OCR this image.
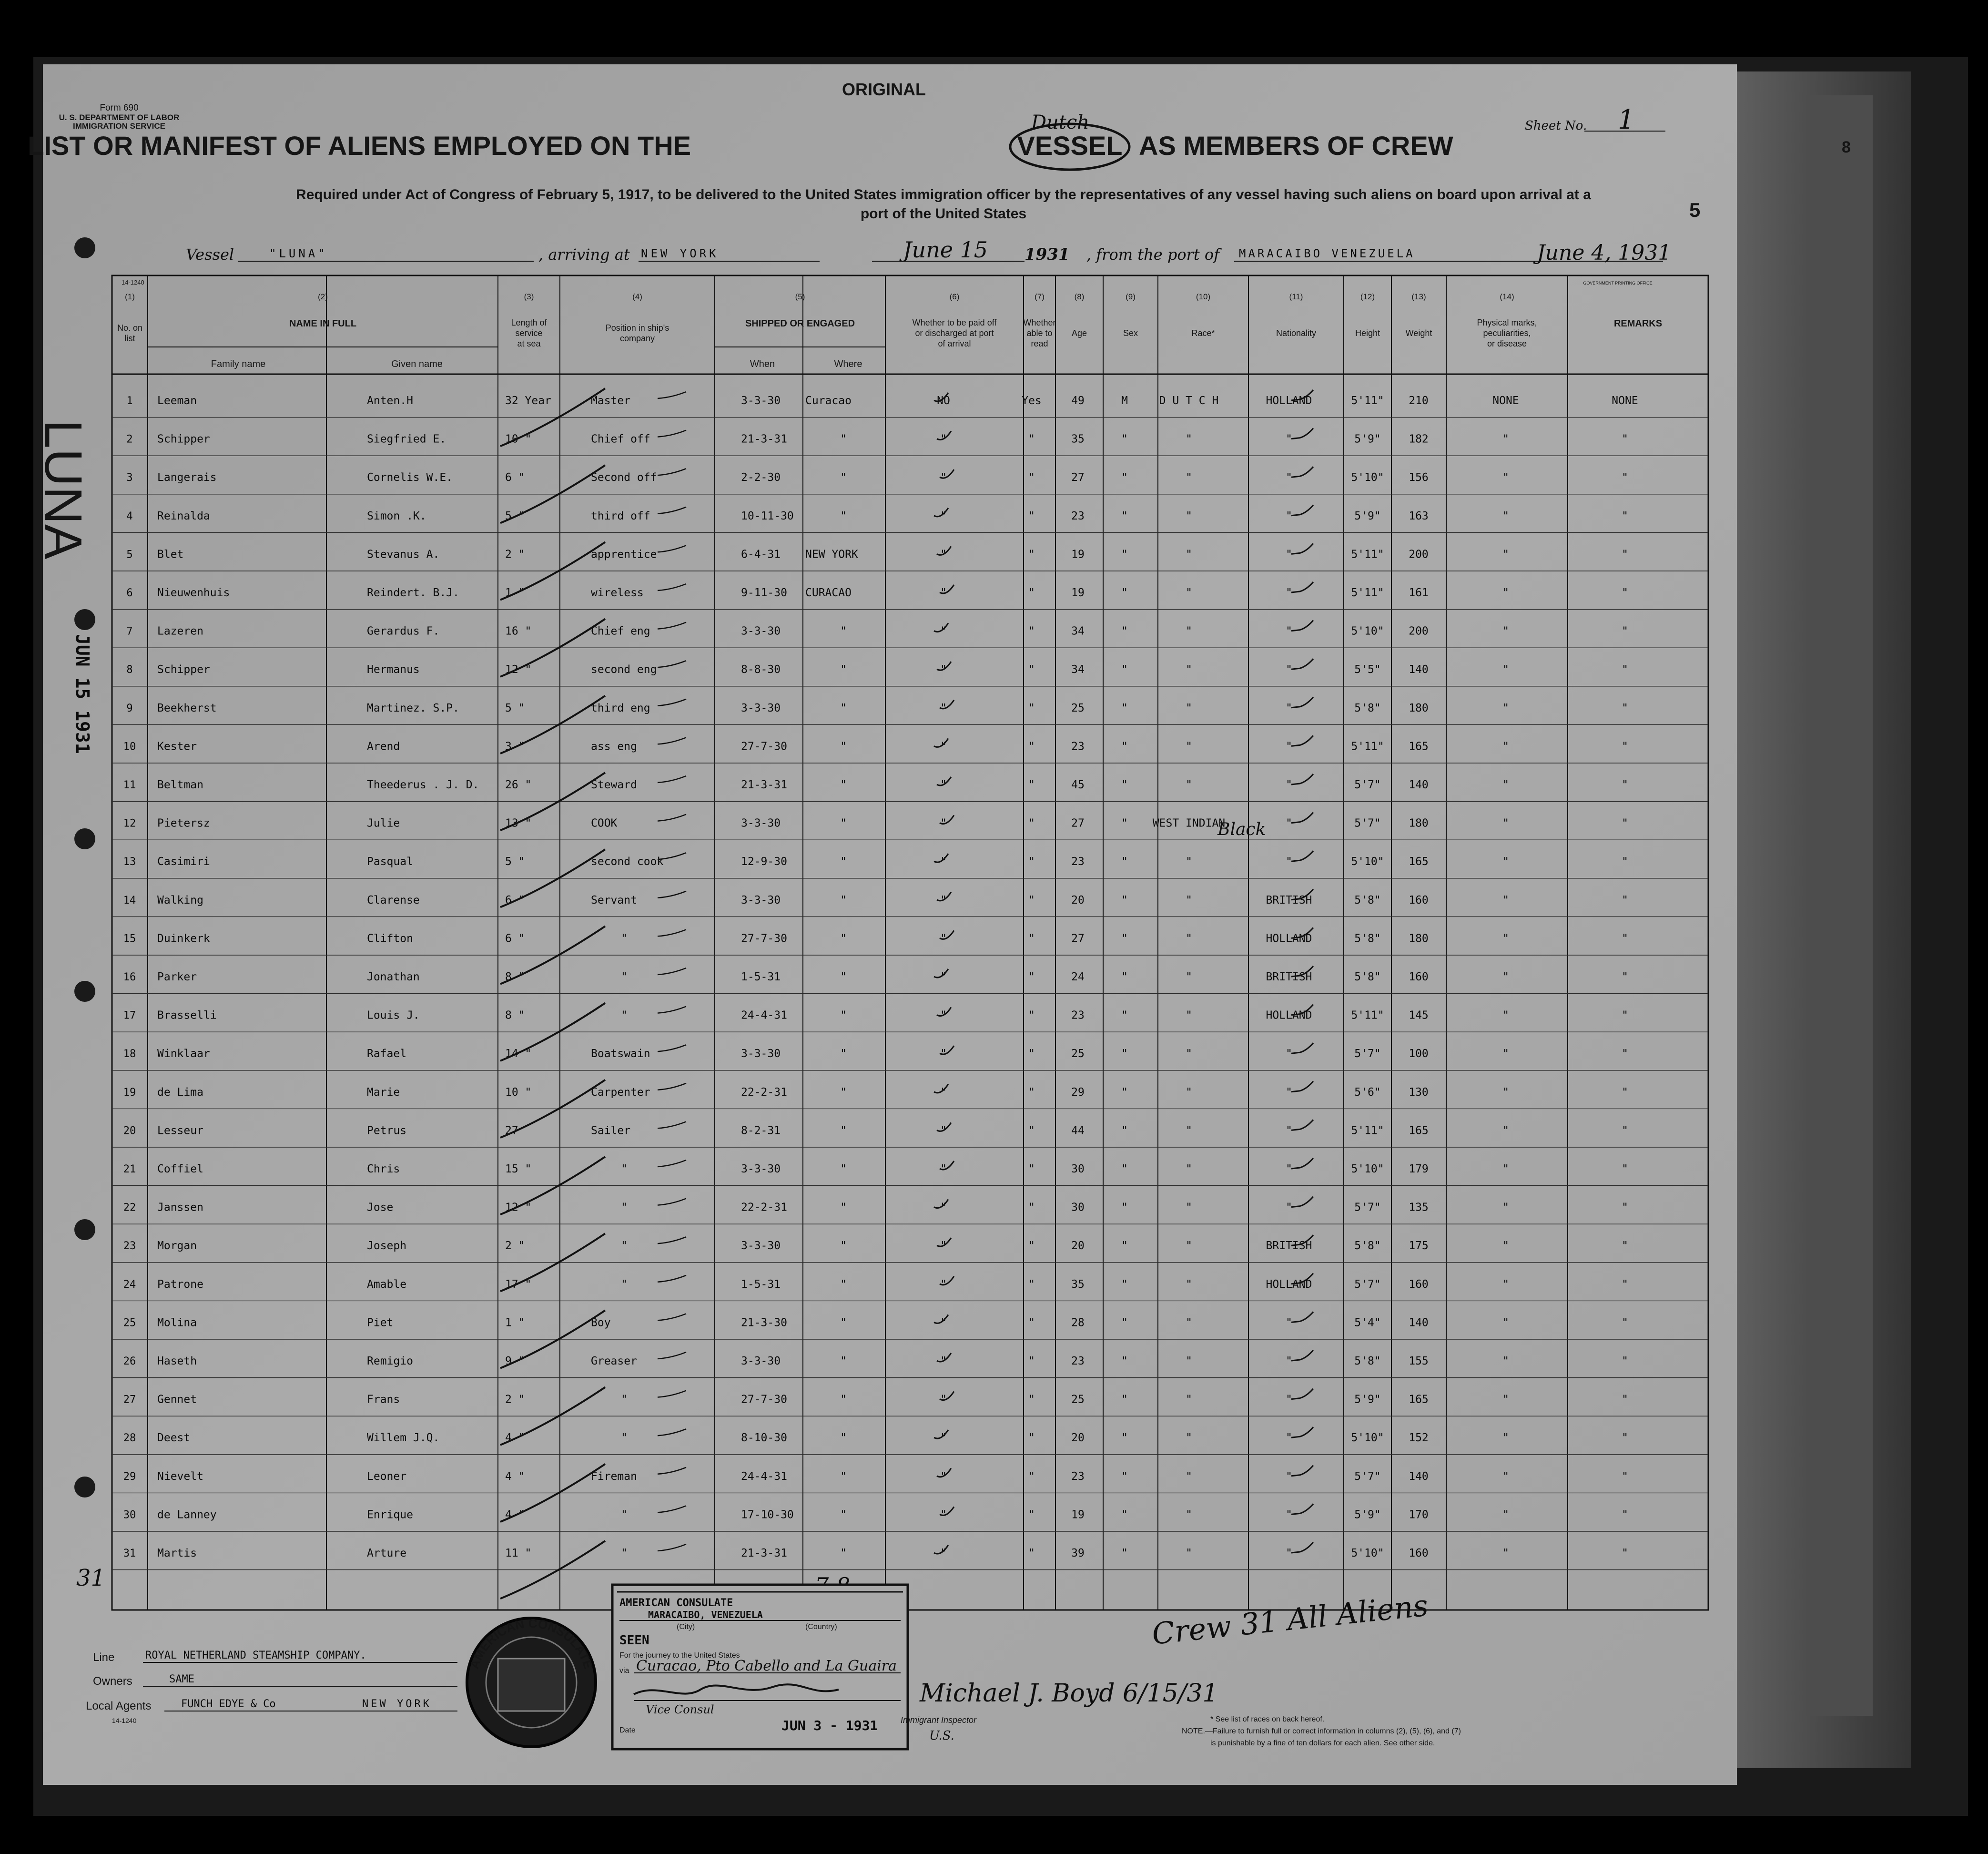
Form 690
U. S. DEPARTMENT OF LABOR
IMMIGRATION SERVICE
ORIGINAL
LIST OR MANIFEST OF ALIENS EMPLOYED ON THE	VESSEL
Dutch
AS MEMBERS OF CREW
Sheet No. 1
Required under Act of Congress of February 5, 1917, to be delivered to the United States immigration officer by the representatives of any vessel having such aliens on board upon arrival at a
port of the United States
8
5
Vessel	"LUNA"	, arriving at NEW YORK	June 15 1931 , from the port of MARACAIBO VENEZUELA	June 4, 1931
14-1240
(1)
No. on list
(2)
NAME IN FULL
(3)
Length of service at sea
(4)
Position in ship's company
(5)
SHIPPED OR ENGAGED
(6)
Whether to be paid off or discharged at port of arrival
(7)
Whether able to read
(8)
Age
(9)
Sex
(10)
Race*
(11)
Nationality
(12)
Height
(13)
Weight
(14)
Physical marks, peculiarities, or disease
REMARKS
Family name	Given name	When	Where
GOVERNMENT PRINTING OFFICE
1 Leeman	Anten.H	32 Year	Master	3-3-30 Curacao	NO	Yes	49	M	D U T C H	HOLLAND	5'11" 210	NONE	NONE
2 Schipper	Siegfried E.	10 "	Chief off	21-3-31	"	"	"	35	"	"	"	5'9"	182	"	"
3 Langerais	Cornelis W.E.	6 "	Second off	2-2-30	"	"	"	27	"	"	"	5'10" 156	"	"
4 Reinalda	Simon .K.	5 "	third off	10-11-30	"	"	"	23	"	"	"	5'9"	163	"	"
5 Blet	Stevanus A.	2 "	apprentice	6-4-31 NEW YORK	"	"	19	"	"	"	5'11" 200	"	"
6 Nieuwenhuis	Reindert. B.J.	1 "	wireless	9-11-30 CURACAO	"	"	19	"	"	"	5'11" 161	"	"
7 Lazeren	Gerardus F.	16 "	Chief eng	3-3-30	"	"	"	34	"	"	"	5'10" 200	"	"
8 Schipper	Hermanus	12 "	second eng	8-8-30	"	"	"	34	"	"	"	5'5"	140	"	"
9 Beekherst	Martinez. S.P.	5 "	third eng	3-3-30	"	"	"	25	"	"	"	5'8"	180	"	"
10 Kester	Arend	3 "	ass eng	27-7-30	"	"	"	23	"	"	"	5'11" 165	"	"
11 Beltman	Theederus . J. D. 26 "	Steward	21-3-31	"	"	"	45	"	"	"	5'7"	140	"	"
12 Pietersz	Julie	13 "	COOK	3-3-30	"	"	"	27	" WEST INDIAN	"	5'7"	180	"	"
13 Casimiri	Pasqual	5 "	second cook	12-9-30	"	"	"	23	"	"	"	5'10" 165	"	"
14 Walking	Clarense	6 "	Servant	3-3-30	"	"	"	20	"	"	BRITISH	5'8"	160	"	"
15 Duinkerk	Clifton	6 "	"	27-7-30	"	"	"	27	"	"	HOLLAND	5'8"	180	"	"
16 Parker	Jonathan	8 "	"	1-5-31	"	"	"	24	"	"	BRITISH	5'8"	160	"	"
17 Brasselli	Louis J.	8 "	"	24-4-31	"	"	"	23	"	"	HOLLAND	5'11" 145	"	"
18 Winklaar	Rafael	14 "	Boatswain	3-3-30	"	"	"	25	"	"	"	5'7"	100	"	"
19 de Lima	Marie	10 "	Carpenter	22-2-31	"	"	"	29	"	"	"	5'6"	130	"	"
20 Lesseur	Petrus	27	Sailer	8-2-31	"	"	"	44	"	"	"	5'11" 165	"	"
21 Coffiel	Chris	15 "	"	3-3-30	"	"	"	30	"	"	"	5'10" 179	"	"
22 Janssen	Jose	12 "	"	22-2-31	"	"	"	30	"	"	"	5'7"	135	"	"
23 Morgan	Joseph	2 "	"	3-3-30	"	"	"	20	"	"	BRITISH	5'8"	175	"	"
24 Patrone	Amable	17 "	"	1-5-31	"	"	"	35	"	"	HOLLAND	5'7"	160	"	"
25 Molina	Piet	1 "	Boy	21-3-30	"	"	"	28	"	"	"	5'4"	140	"	"
26 Haseth	Remigio	9 "	Greaser	3-3-30	"	"	"	23	"	"	"	5'8"	155	"	"
27 Gennet	Frans	2 "	"	27-7-30	"	"	"	25	"	"	"	5'9"	165	"	"
28 Deest	Willem J.Q.	4 "	"	8-10-30	"	"	"	20	"	"	"	5'10" 152	"	"
29 Nievelt	Leoner	4 "	Fireman	24-4-31	"	"	"	23	"	"	"	5'7"	140	"	"
30 de Lanney	Enrique	4 "	"	17-10-30	"	"	"	19	"	"	"	5'9"	170	"	"
31 Martis	Arture	11 "	"	21-3-31	"	"	"	39	"	"	"	5'10" 160	"	"
Black
31
LUNA
JUN 15 1931
Line	ROYAL NETHERLAND STEAMSHIP COMPANY.
Owners	SAME
Local Agents	FUNCH EDYE & Co	NEW YORK
14-1240
AMERICAN CONSULATE
AMERICAN CONSULATE
MARACAIBO, VENEZUELA
(City)	(Country)
SEEN
For the journey to the United States
via Curacao, Pto Cabello and La Guaira
Vice Consul
Date	JUN 3 - 1931
Michael J. Boyd 6/15/31
Immigrant Inspector
U.S.
Crew 31 All Aliens
* See list of races on back hereof.
NOTE.—Failure to furnish full or correct information in columns (2), (5), (6), and (7)
is punishable by a fine of ten dollars for each alien. See other side.
